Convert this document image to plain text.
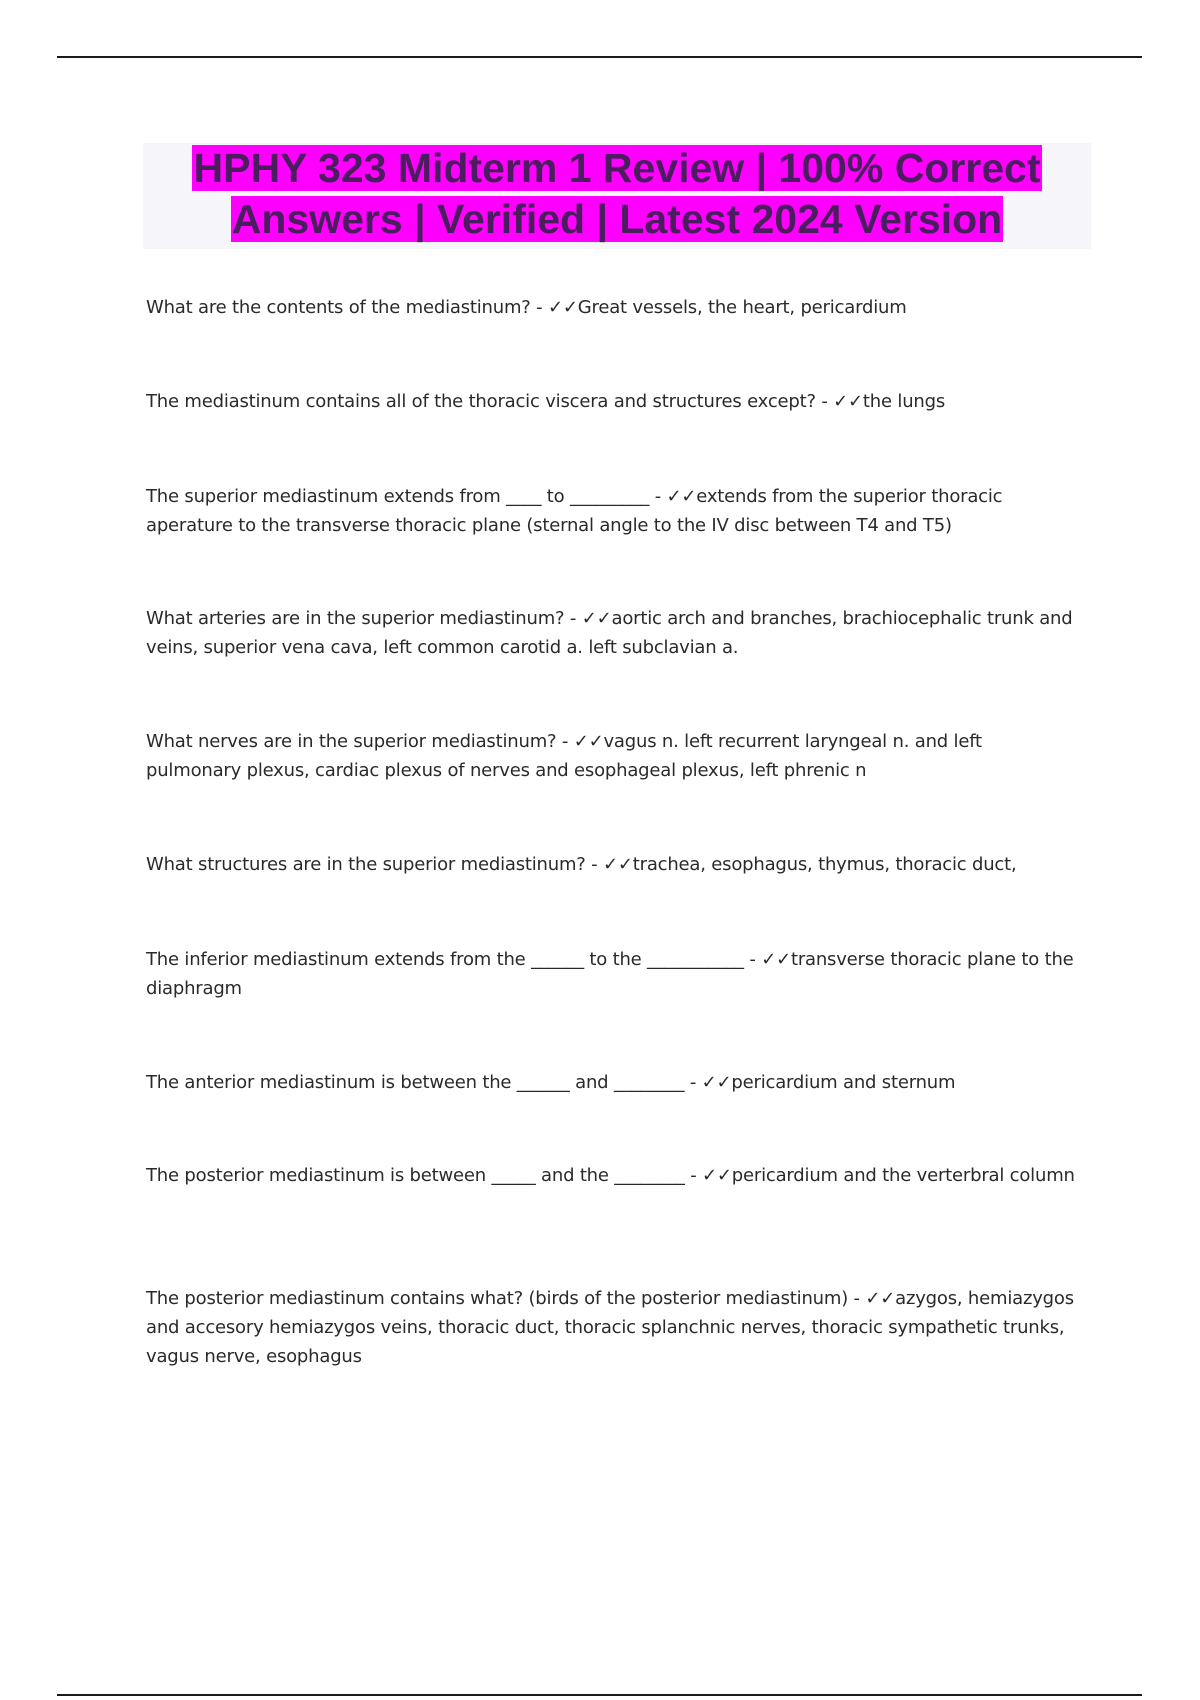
HPHY 323 Midterm 1 Review | 100% Correct Answers | Verified | Latest 2024 Version
What are the contents of the mediastinum? - ✓✓Great vessels, the heart, pericardium
The mediastinum contains all of the thoracic viscera and structures except? - ✓✓the lungs
The superior mediastinum extends from ____ to _________ - ✓✓extends from the superior thoracic aperature to the transverse thoracic plane (sternal angle to the IV disc between T4 and T5)
What arteries are in the superior mediastinum? - ✓✓aortic arch and branches, brachiocephalic trunk and veins, superior vena cava, left common carotid a. left subclavian a.
What nerves are in the superior mediastinum? - ✓✓vagus n. left recurrent laryngeal n. and left pulmonary plexus, cardiac plexus of nerves and esophageal plexus, left phrenic n
What structures are in the superior mediastinum? - ✓✓trachea, esophagus, thymus, thoracic duct,
The inferior mediastinum extends from the ______ to the ___________ - ✓✓transverse thoracic plane to the diaphragm
The anterior mediastinum is between the ______ and ________ - ✓✓pericardium and sternum
The posterior mediastinum is between _____ and the ________ - ✓✓pericardium and the verterbral column
The posterior mediastinum contains what? (birds of the posterior mediastinum) - ✓✓azygos, hemiazygos and accesory hemiazygos veins, thoracic duct, thoracic splanchnic nerves, thoracic sympathetic trunks, vagus nerve, esophagus
